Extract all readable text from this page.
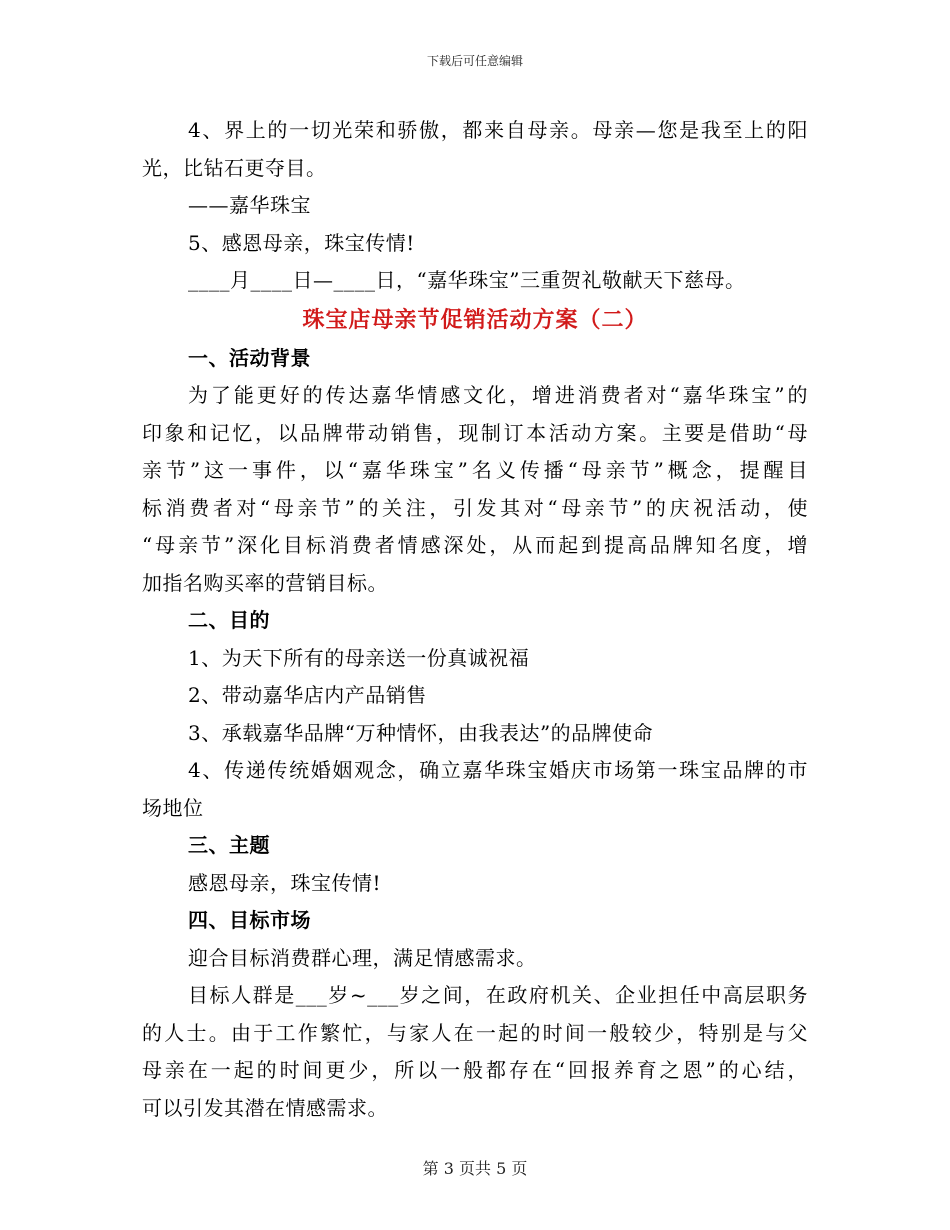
下载后可任意编辑
4、界上的一切光荣和骄傲，都来自母亲。母亲—您是我至上的阳
光，比钻石更夺目。
——嘉华珠宝
5、感恩母亲，珠宝传情!
____月____日—____日，“嘉华珠宝”三重贺礼敬献天下慈母。
珠宝店母亲节促销活动方案（二）
一、活动背景
为了能更好的传达嘉华情感文化，增进消费者对“嘉华珠宝”的
印象和记忆，以品牌带动销售，现制订本活动方案。主要是借助“母
亲节”这一事件，以“嘉华珠宝”名义传播“母亲节”概念，提醒目
标消费者对“母亲节”的关注，引发其对“母亲节”的庆祝活动，使
“母亲节”深化目标消费者情感深处，从而起到提高品牌知名度，增
加指名购买率的营销目标。
二、目的
1、为天下所有的母亲送一份真诚祝福
2、带动嘉华店内产品销售
3、承载嘉华品牌“万种情怀，由我表达”的品牌使命
4、传递传统婚姻观念，确立嘉华珠宝婚庆市场第一珠宝品牌的市
场地位
三、主题
感恩母亲，珠宝传情!
四、目标市场
迎合目标消费群心理，满足情感需求。
目标人群是___岁~___岁之间，在政府机关、企业担任中高层职务
的人士。由于工作繁忙，与家人在一起的时间一般较少，特别是与父
母亲在一起的时间更少，所以一般都存在“回报养育之恩”的心结，
可以引发其潜在情感需求。
第 3 页共 5 页
